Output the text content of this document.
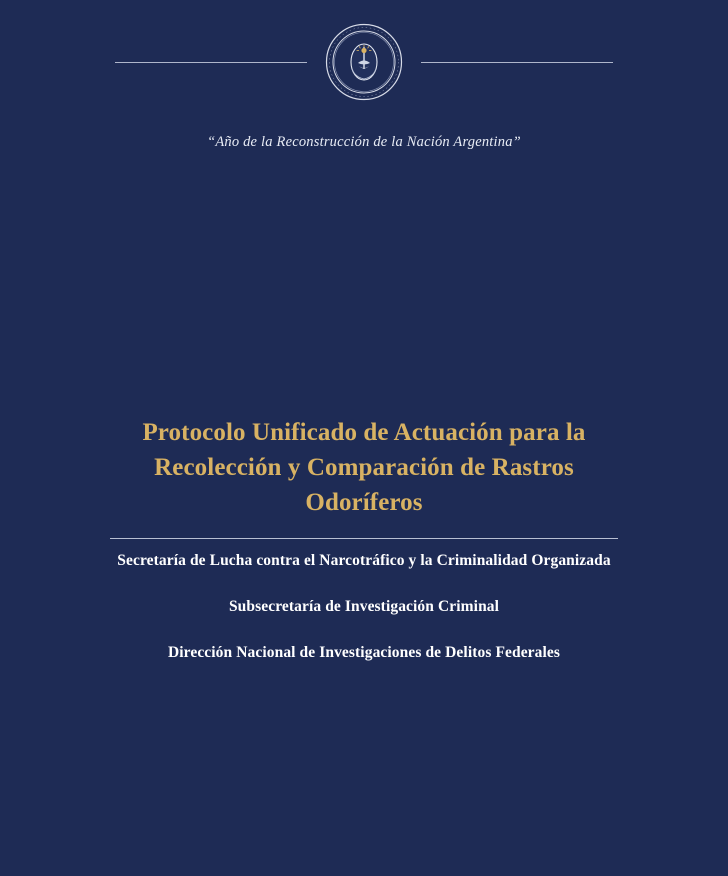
“Año de la Reconstrucción de la Nación Argentina”
Protocolo Unificado de Actuación para la
Recolección y Comparación de Rastros
Odoríferos
Secretaría de Lucha contra el Narcotráfico y la Criminalidad Organizada
Subsecretaría de Investigación Criminal
Dirección Nacional de Investigaciones de Delitos Federales
